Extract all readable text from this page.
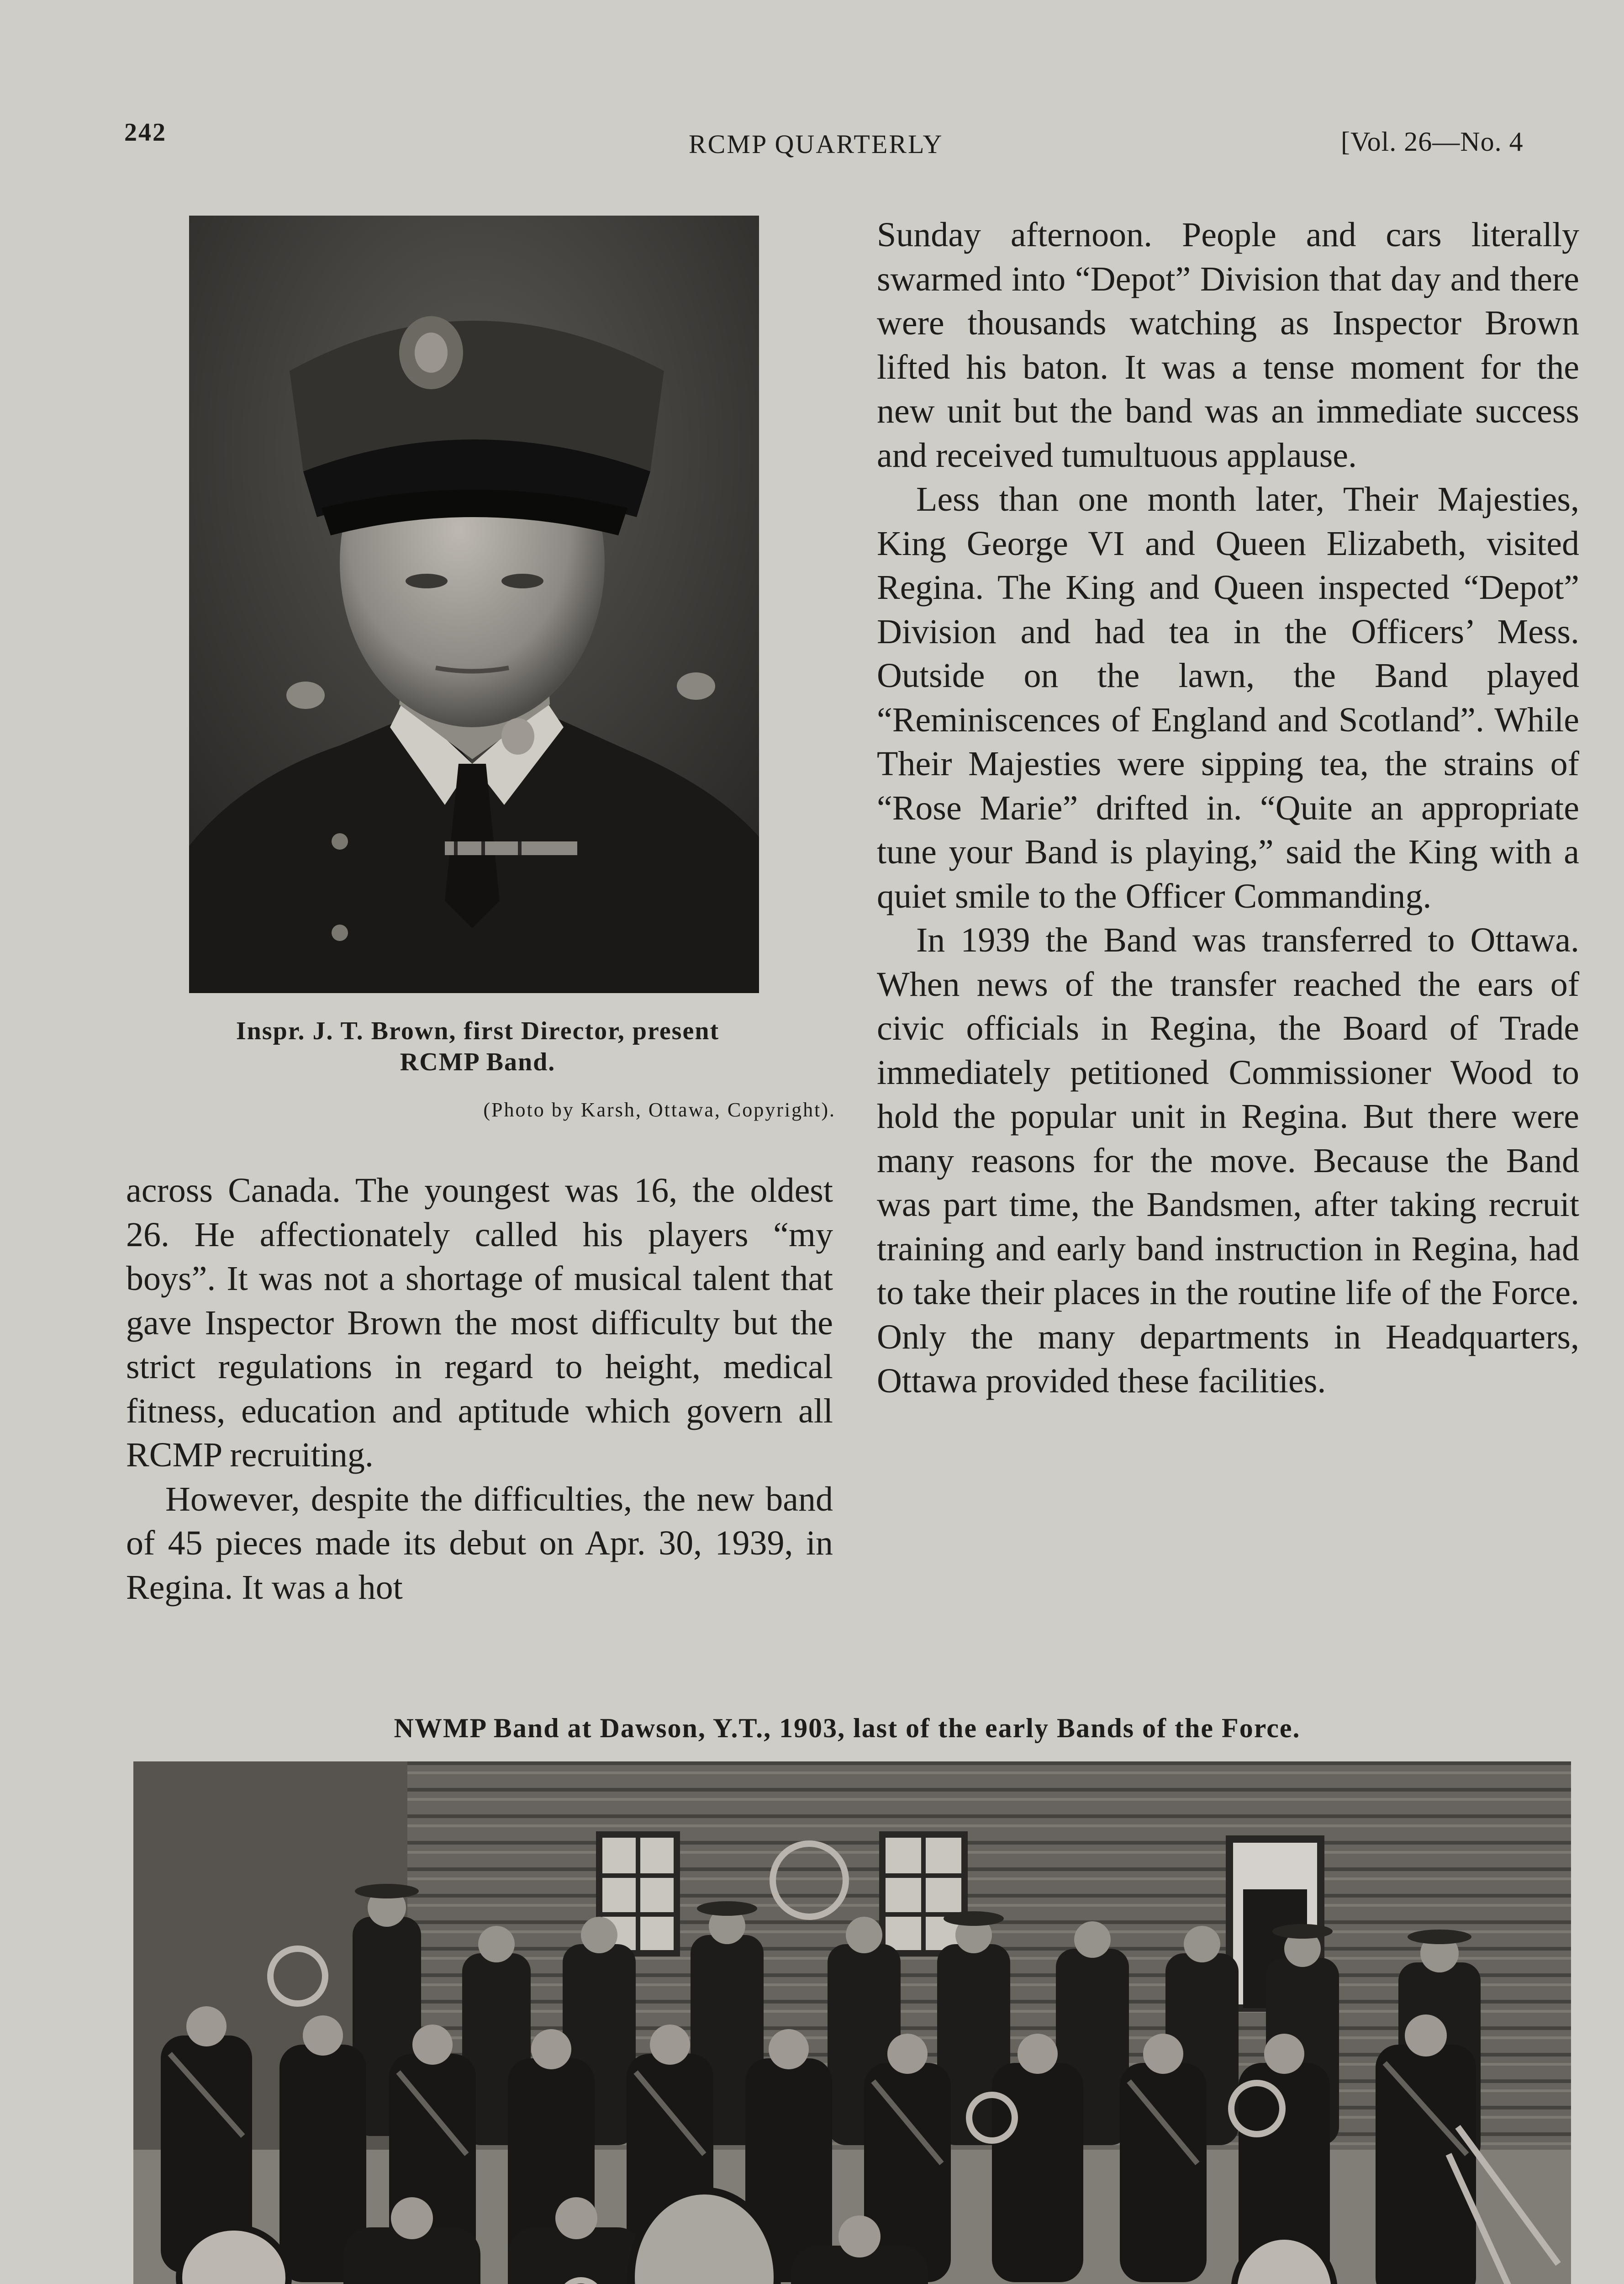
242	RCMP QUARTERLY	[Vol. 26—No. 4
Inspr. J. T. Brown, first Director, present
RCMP Band.
(Photo by Karsh, Ottawa, Copyright).

across Canada. The youngest was 16, the oldest 26. He affectionately called his players “my boys”. It was not a shortage of musical talent that gave Inspector Brown the most difficulty but the strict regulations in regard to height, medical fitness, education and aptitude which govern all RCMP recruiting.

However, despite the difficulties, the new band of 45 pieces made its debut on Apr. 30, 1939, in Regina. It was a hot

Sunday afternoon. People and cars literally swarmed into “Depot” Division that day and there were thousands watching as Inspector Brown lifted his baton. It was a tense moment for the new unit but the band was an immediate success and received tumultuous applause.

Less than one month later, Their Majesties, King George VI and Queen Elizabeth, visited Regina. The King and Queen inspected “Depot” Division and had tea in the Officers’ Mess. Outside on the lawn, the Band played “Reminiscences of England and Scotland”. While Their Majesties were sipping tea, the strains of “Rose Marie” drifted in. “Quite an appropriate tune your Band is playing,” said the King with a quiet smile to the Officer Commanding.

In 1939 the Band was transferred to Ottawa. When news of the transfer reached the ears of civic officials in Regina, the Board of Trade immediately petitioned Commissioner Wood to hold the popular unit in Regina. But there were many reasons for the move. Because the Band was part time, the Bandsmen, after taking recruit training and early band instruction in Regina, had to take their places in the routine life of the Force. Only the many departments in Headquarters, Ottawa provided these facilities.

NWMP Band at Dawson, Y.T., 1903, last of the early Bands of the Force.
